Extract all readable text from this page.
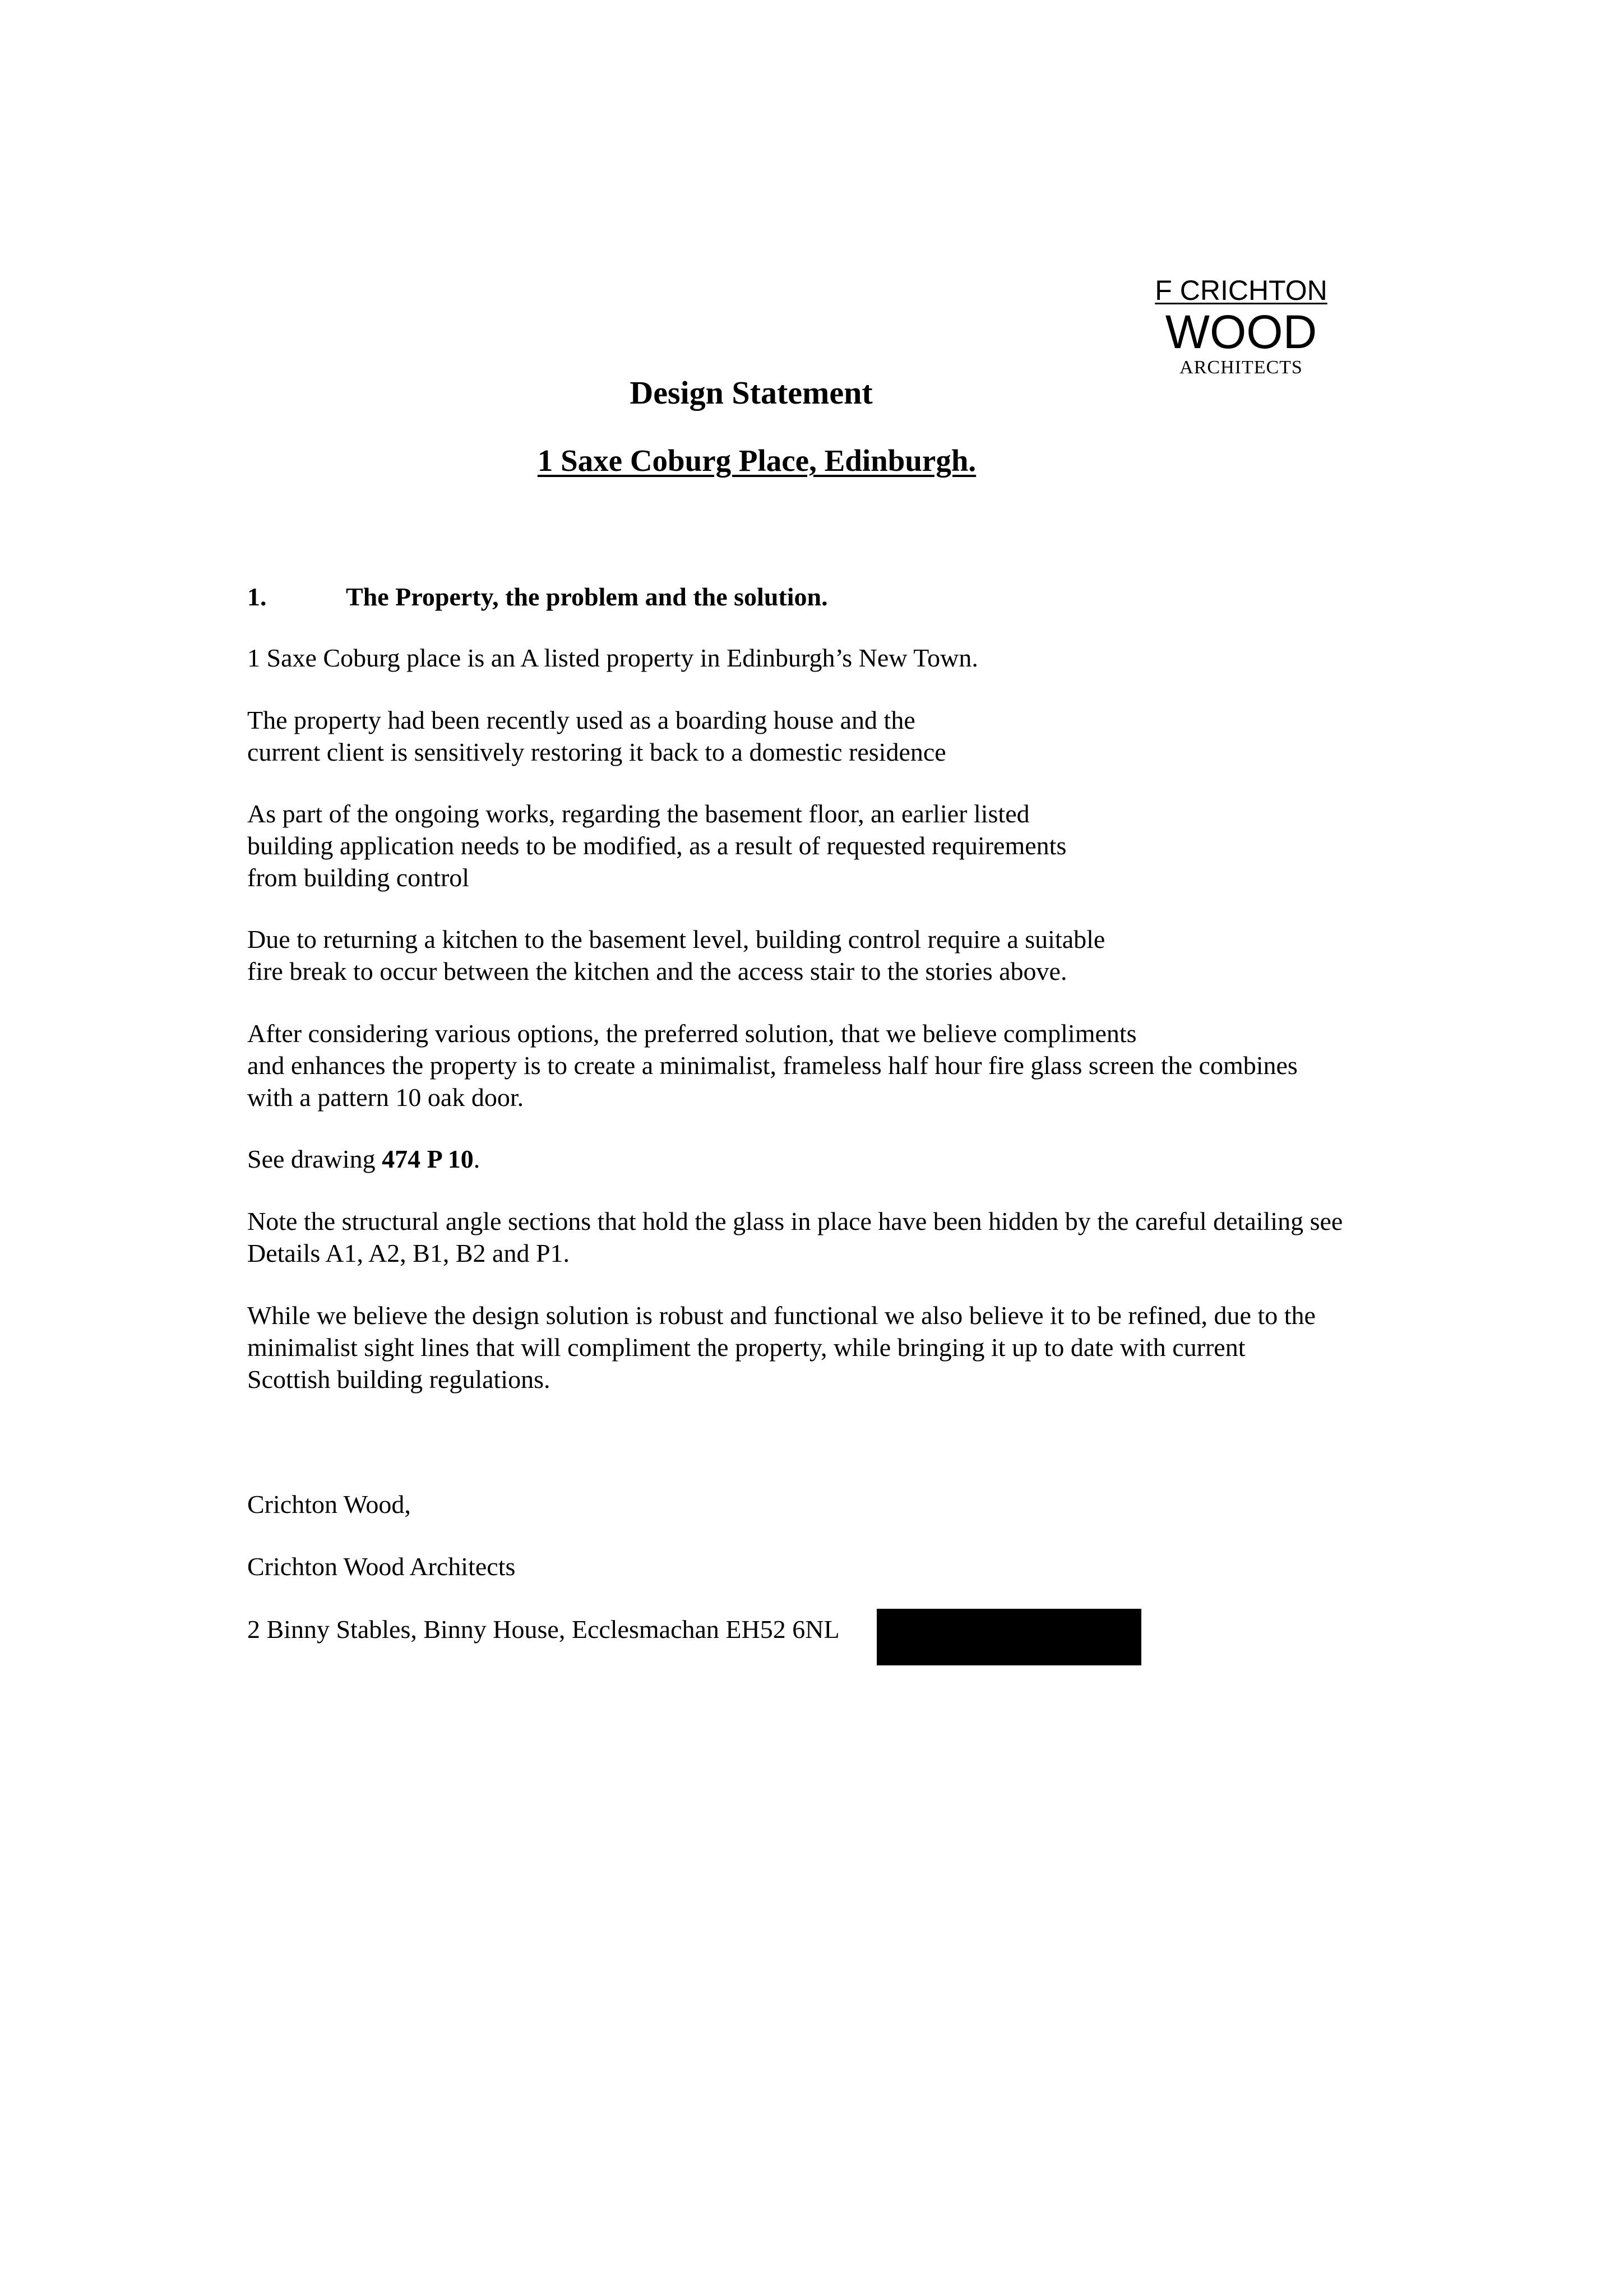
F CRICHTON
WOOD
ARCHITECTS
Design Statement
1 Saxe Coburg Place, Edinburgh.
1.	The Property, the problem and the solution.
1 Saxe Coburg place is an A listed property in Edinburgh’s New Town.
The property had been recently used as a boarding house and the
current client is sensitively restoring it back to a domestic residence
As part of the ongoing works, regarding the basement floor, an earlier listed
building application needs to be modified, as a result of requested requirements
from building control
Due to returning a kitchen to the basement level, building control require a suitable
fire break to occur between the kitchen and the access stair to the stories above.
After considering various options, the preferred solution, that we believe compliments
and enhances the property is to create a minimalist, frameless half hour fire glass screen the combines
with a pattern 10 oak door.
See drawing 474 P 10.
Note the structural angle sections that hold the glass in place have been hidden by the careful detailing see
Details A1, A2, B1, B2 and P1.
While we believe the design solution is robust and functional we also believe it to be refined, due to the
minimalist sight lines that will compliment the property, while bringing it up to date with current
Scottish building regulations.
Crichton Wood,
Crichton Wood Architects
2 Binny Stables, Binny House, Ecclesmachan EH52 6NL
